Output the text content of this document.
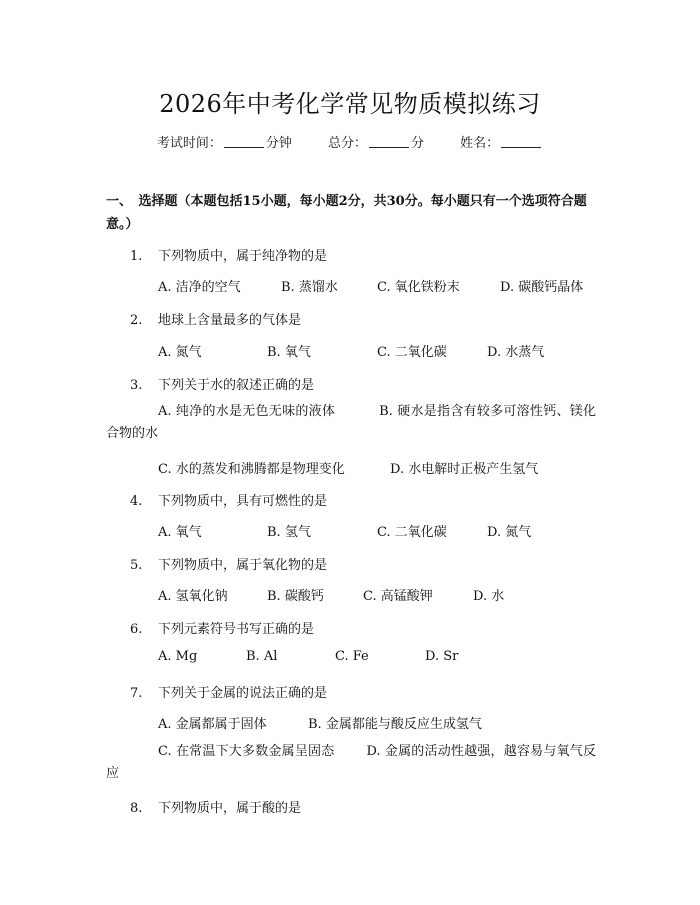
2026年中考化学常见物质模拟练习
考试时间：	分钟	总分：	分	姓名：
一、　选择题（本题包括15小题，每小题2分，共30分。每小题只有一个选项符合题意。）
1. 下列物质中，属于纯净物的是
A. 洁净的空气	B. 蒸馏水	C. 氧化铁粉末	D. 碳酸钙晶体
2. 地球上含量最多的气体是
A. 氮气	B. 氧气	C. 二氧化碳	D. 水蒸气
3. 下列关于水的叙述正确的是
A. 纯净的水是无色无味的液体	B. 硬水是指含有较多可溶性钙、镁化合物的水
C. 水的蒸发和沸腾都是物理变化	D. 水电解时正极产生氢气
4. 下列物质中，具有可燃性的是
A. 氧气	B. 氢气	C. 二氧化碳	D. 氮气
5. 下列物质中，属于氧化物的是
A. 氢氧化钠	B. 碳酸钙	C. 高锰酸钾	D. 水
6. 下列元素符号书写正确的是
A. Mg	B. Al	C. Fe	D. Sr
7. 下列关于金属的说法正确的是
A. 金属都属于固体	B. 金属都能与酸反应生成氢气
C. 在常温下大多数金属呈固态 D. 金属的活动性越强，越容易与氧气反应
8. 下列物质中，属于酸的是
